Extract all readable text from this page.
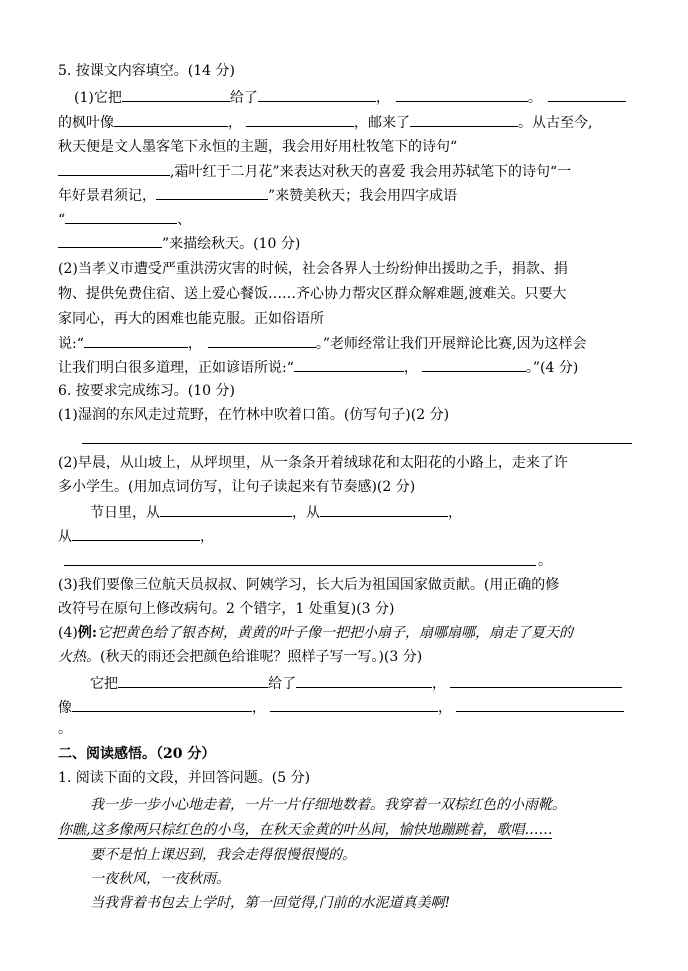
5. 按课文内容填空。(14 分)
(1)它把	给了	，	。
的枫叶像	，	，邮来了	。从古至今,
秋天便是文人墨客笔下永恒的主题，我会用好用杜牧笔下的诗句“
,霜叶红于二月花”来表达对秋天的喜爱 我会用苏轼笔下的诗句“一
年好景君须记，	”来赞美秋天；我会用四字成语
“	、
”来描绘秋天。(10 分)
(2)当孝义市遭受严重洪涝灾害的时候，社会各界人士纷纷伸出援助之手，捐款、捐
物、提供免费住宿、送上爱心餐饭……齐心协力帮灾区群众解难题,渡难关。只要大
家同心，再大的困难也能克服。正如俗语所
说:“	，	。”老师经常让我们开展辩论比赛,因为这样会
让我们明白很多道理，正如谚语所说:“	，	。”(4 分)
6. 按要求完成练习。(10 分)
(1)湿润的东风走过荒野，在竹林中吹着口笛。(仿写句子)(2 分)
(2)早晨，从山坡上，从坪坝里，从一条条开着绒球花和太阳花的小路上，走来了许
多小学生。(用加点词仿写，让句子读起来有节奏感)(2 分)
节日里，从	，从	，
从	，
。
(3)我们要像三位航天员叔叔、阿姨学习，长大后为祖国国家做贡献。(用正确的修
改符号在原句上修改病句。2 个错字，1 处重复)(3 分)
(4)例:它把黄色给了银杏树，黄黄的叶子像一把把小扇子，扇哪扇哪，扇走了夏天的
火热。(秋天的雨还会把颜色给谁呢？照样子写一写。)(3 分)
它把	给了	，
像	，	，
。
二、阅读感悟。（20 分）
1. 阅读下面的文段，并回答问题。(5 分)
我一步一步小心地走着，一片一片仔细地数着。我穿着一双棕红色的小雨靴。
你瞧,这多像两只棕红色的小鸟，在秋天金黄的叶丛间，愉快地蹦跳着，歌唱……
要不是怕上课迟到，我会走得很慢很慢的。
一夜秋风，一夜秋雨。
当我背着书包去上学时，第一回觉得,门前的水泥道真美啊!
